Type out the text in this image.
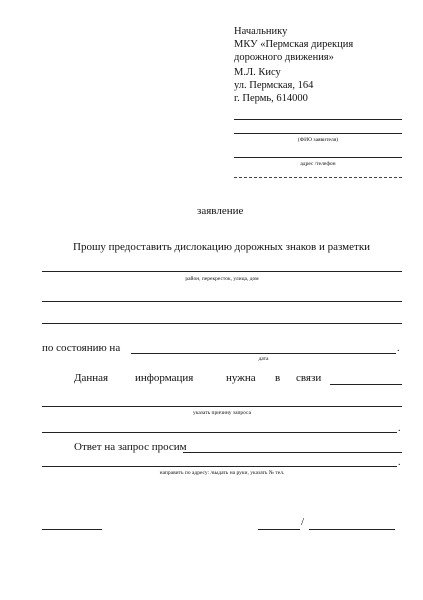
Начальнику
МКУ «Пермская дирекция
дорожного движения»
М.Л. Кису
ул. Пермская, 164
г. Пермь, 614000
(ФИО заявителя)
адрес /телефон
заявление
Прошу предоставить дислокацию дорожных знаков и разметки
район, перекресток, улица, дом
по состоянию на	.
дата
Данная информация	нужна в связи
указать причину запроса
.
Ответ на запрос просим
.
направить по адресу: /выдать на руки, указать № тел.
/
